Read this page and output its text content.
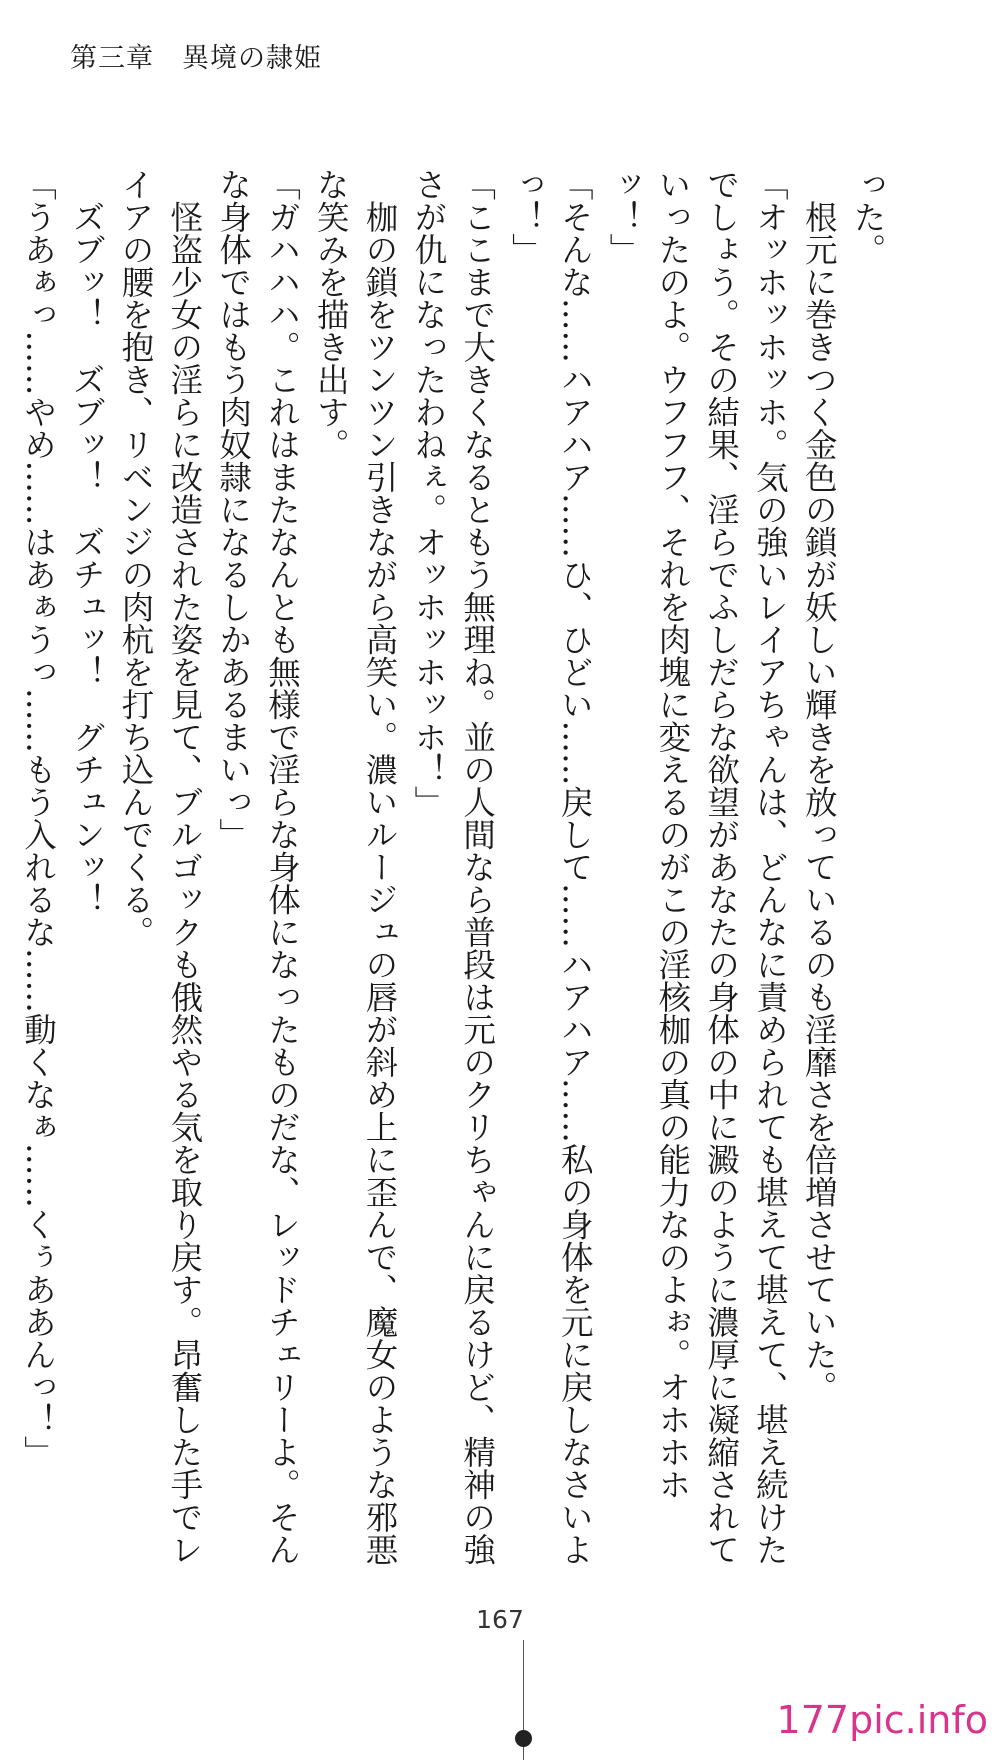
第三章　異境の隷姫

った。

　根元に巻きつく金色の鎖が妖しい輝きを放っているのも淫靡さを倍増させていた。

「オッホッホッホ。気の強いレイアちゃんは、どんなに責められても堪えて堪えて、堪え続けたでしょう。その結果、淫らでふしだらな欲望があなたの身体の中に澱のように濃厚に凝縮されていったのよ。ウフフフ、それを肉塊に変えるのがこの淫核枷の真の能力なのよぉ。オホホホッ！」

「そんな……ハアハア……ひ、ひどい……戻して……ハアハア……私の身体を元に戻しなさいよっ！」

「ここまで大きくなるともう無理ね。並の人間なら普段は元のクリちゃんに戻るけど、精神の強さが仇になったわねぇ。オッホッホッホ！」

　枷の鎖をツンツン引きながら高笑い。濃いルージュの唇が斜め上に歪んで、魔女のような邪悪な笑みを描き出す。

「ガハハハ。これはまたなんとも無様で淫らな身体になったものだな、レッドチェリーよ。そんな身体ではもう肉奴隷になるしかあるまいっ」

　怪盗少女の淫らに改造された姿を見て、ブルゴックも俄然やる気を取り戻す。昂奮した手でレイアの腰を抱き、リベンジの肉杭を打ち込んでくる。

　ズブッ！　ズブッ！　ズチュッ！　グチュンッ！

「うあぁっ……やめ……はあぁうっ……もう入れるな……動くなぁ……くぅああんっ！」

167
177pic.info
